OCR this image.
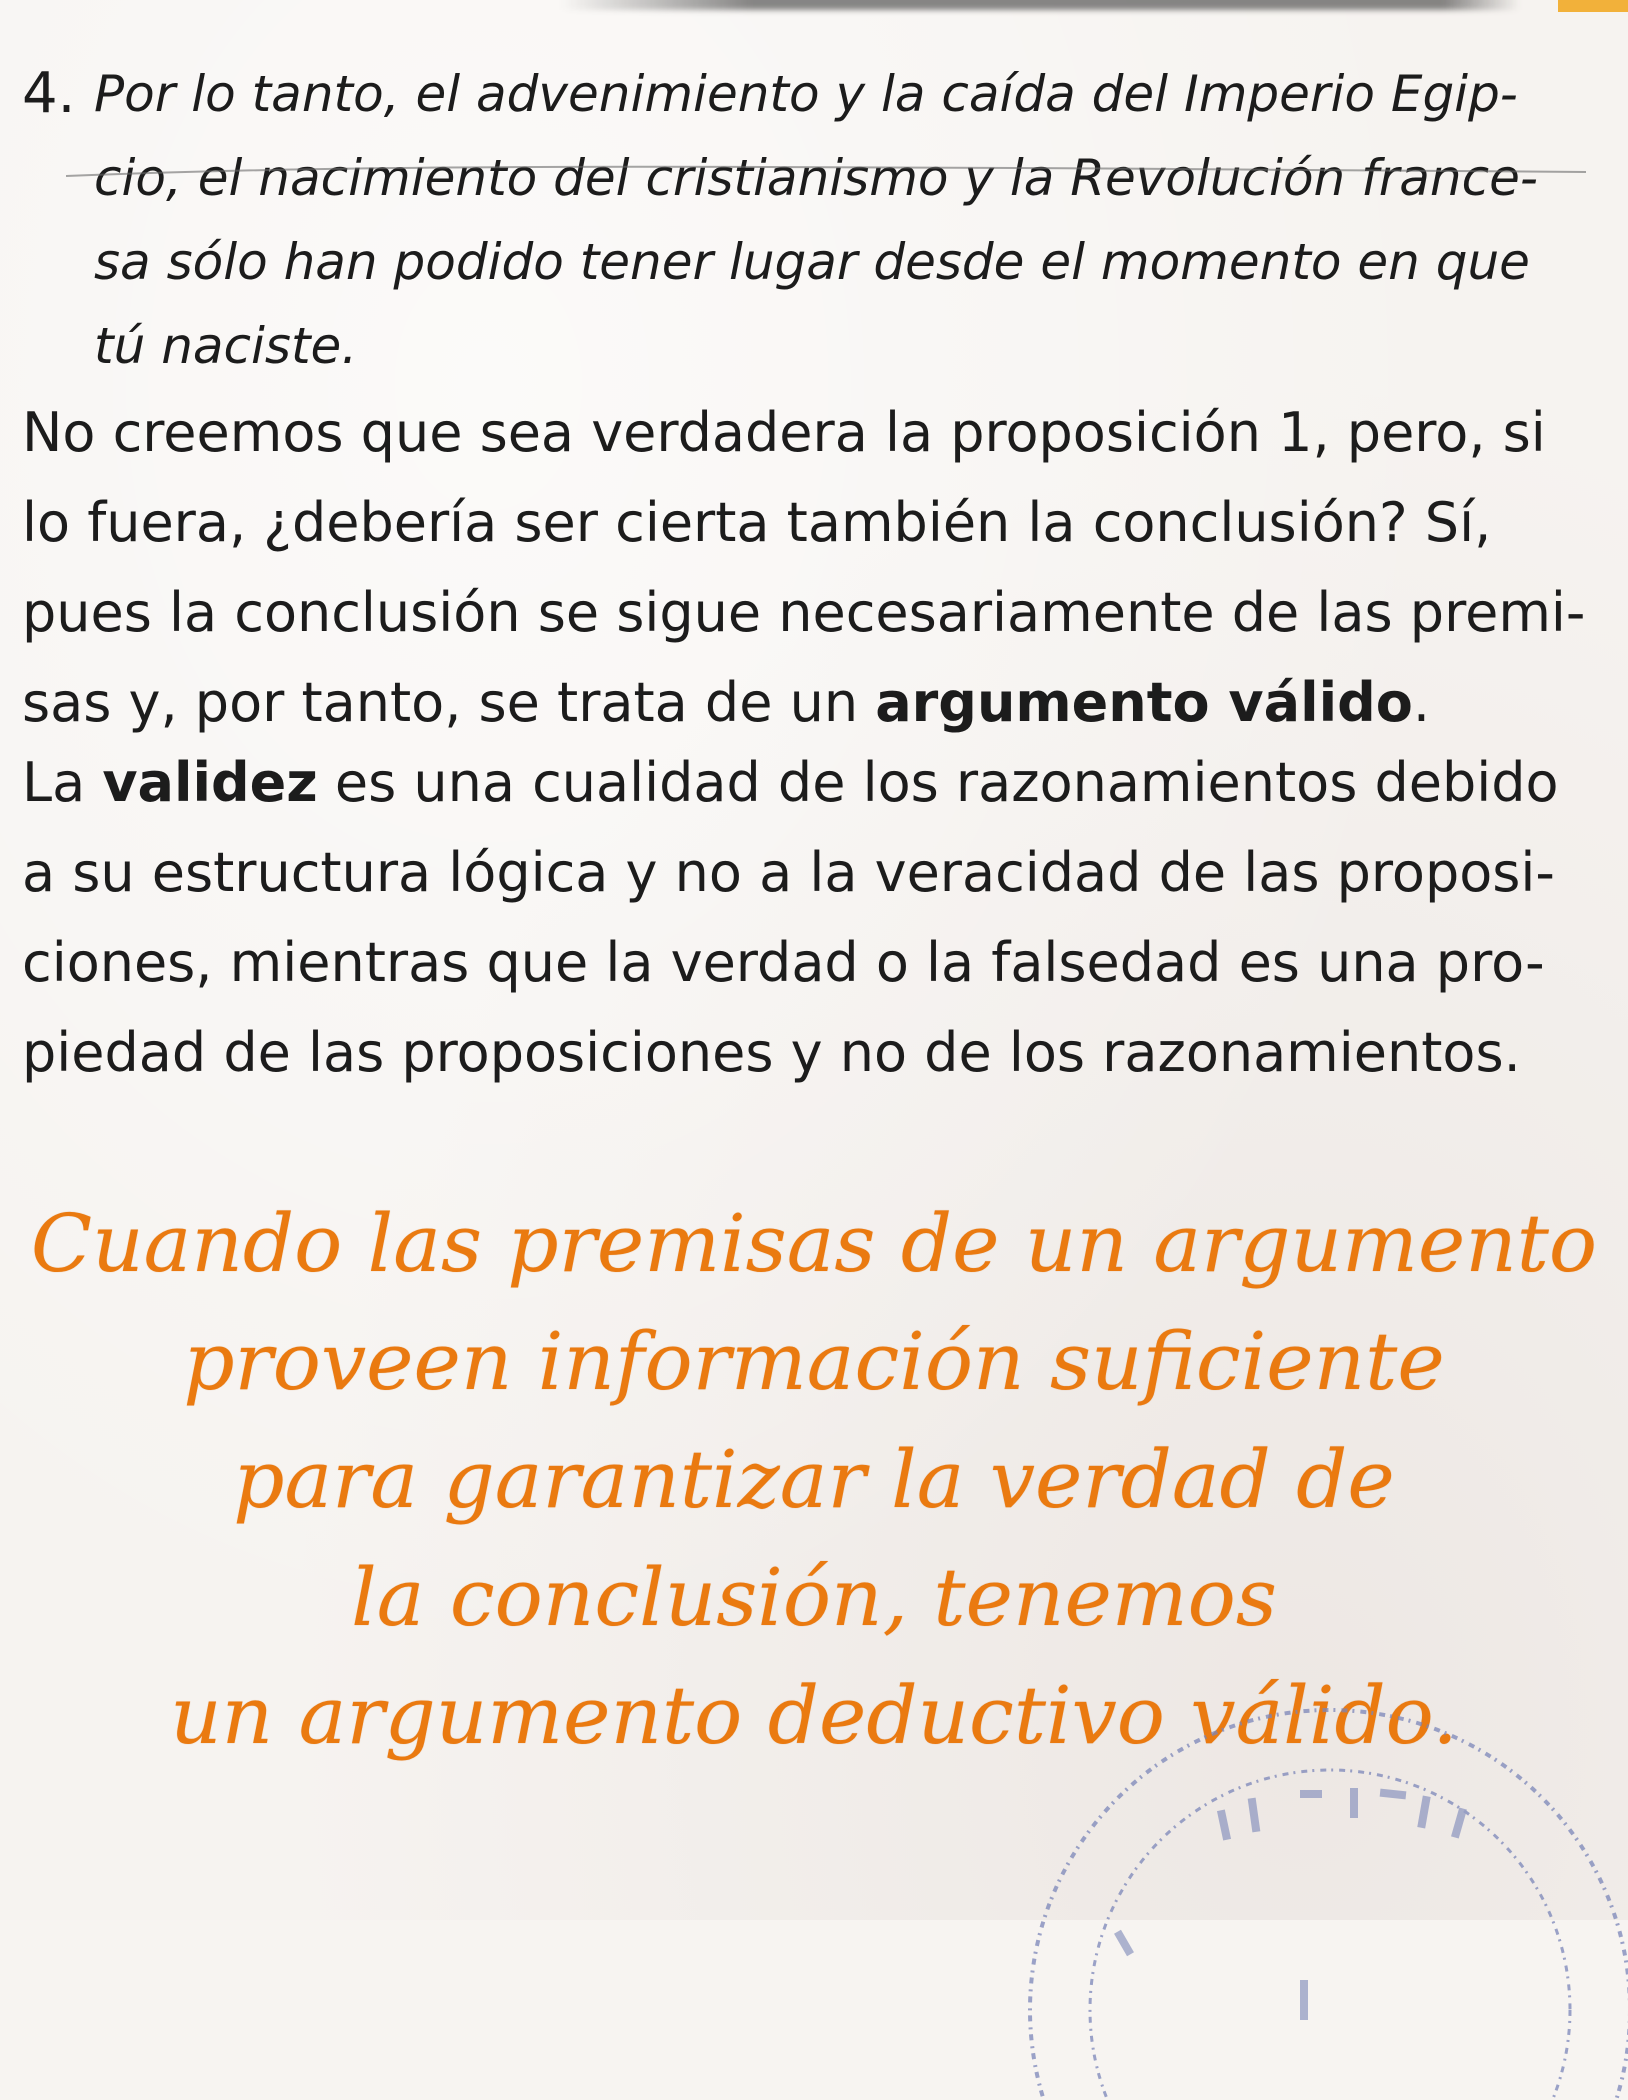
4. Por lo tanto, el advenimiento y la caída del Imperio Egip-
cio, el nacimiento del cristianismo y la Revolución france-
sa sólo han podido tener lugar desde el momento en que
tú naciste.
No creemos que sea verdadera la proposición 1, pero, si
lo fuera, ¿debería ser cierta también la conclusión? Sí,
pues la conclusión se sigue necesariamente de las premi-
sas y, por tanto, se trata de un argumento válido.
La validez es una cualidad de los razonamientos debido
a su estructura lógica y no a la veracidad de las proposi-
ciones, mientras que la verdad o la falsedad es una pro-
piedad de las proposiciones y no de los razonamientos.
Cuando las premisas de un argumento
proveen información suficiente
para garantizar la verdad de
la conclusión, tenemos
un argumento deductivo válido.
